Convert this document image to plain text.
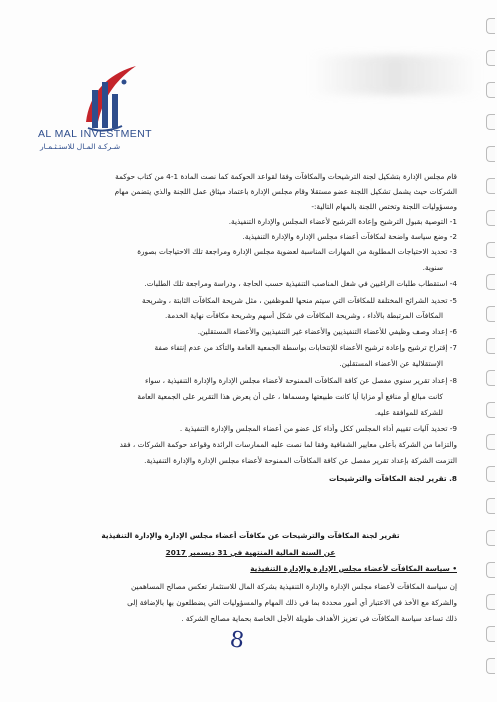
AL MAL INVESTMENT
شـركـة المـال للاستـثـمـار
قام مجلس الإدارة بتشكيل لجنة الترشيحات والمكافآت وفقا لقواعد الحوكمة كما نصت المادة 1-4 من كتاب حوكمة
الشركات حيث يشمل تشكيل اللجنة عضو مستقلا وقام مجلس الإدارة باعتماد ميثاق عمل اللجنة والذي يتضمن مهام
ومسؤوليات اللجنة وتختص اللجنة بالمهام التالية:-
1- التوصية بقبول الترشيح وإعادة الترشيح لأعضاء المجلس والإدارة التنفيذية.
2- وضع سياسة واضحة لمكافآت أعضاء مجلس الإدارة والإدارة التنفيذية.
3- تحديد الاحتياجات المطلوبة من المهارات المناسبة لعضوية مجلس الإدارة ومراجعة تلك الاحتياجات بصورة
سنوية.
4- استقطاب طلبات الراغبين في شغل المناصب التنفيذية حسب الحاجة ، ودراسة ومراجعة تلك الطلبات.
5- تحديد الشرائح المختلفة للمكافآت التي سيتم منحها للموظفين ، مثل شريحة المكافآت الثابتة ، وشريحة
المكافآت المرتبطة بالأداء ، وشريحة المكافآت في شكل أسهم وشريحة مكافآت نهاية الخدمة.
6- إعداد وصف وظيفي للأعضاء التنفيذيين والأعضاء غير التنفيذيين والأعضاء المستقلين.
7- إقتراح ترشيح وإعادة ترشيح الأعضاء للإنتخابات بواسطة الجمعية العامة والتأكد من عدم إنتفاء صفة
الإستقلالية عن الأعضاء المستقلين.
8- إعداد تقرير سنوي مفصل عن كافة المكافآت الممنوحة لأعضاء مجلس الإدارة والإدارة التنفيذية ، سواء
كانت مبالغ أو منافع أو مزايا أيا كانت طبيعتها ومسماها ، على أن يعرض هذا التقرير على الجمعية العامة
للشركة للموافقة عليه.
9- تحديد آليات تقييم أداء المجلس ككل وأداء كل عضو من أعضاء المجلس والإدارة التنفيذية .
والتزاما من الشركة بأعلى معايير الشفافية وفقا لما نصت عليه الممارسات الرائدة وقواعد حوكمة الشركات ، فقد
التزمت الشركة بإعداد تقرير مفصل عن كافة المكافآت الممنوحة لأعضاء مجلس الإدارة والإدارة التنفيذية.
8. تقرير لجنة المكافآت والترشيحات
تقرير لجنة المكافآت والترشيحات عن مكافآت أعضاء مجلس الإدارة والإدارة التنفيذية
عن السنة المالية المنتهية في 31 ديسمبر 2017
• سياسة المكافآت لأعضاء مجلس الإدارة والإدارة التنفيذية
إن سياسة المكافآت لأعضاء مجلس الإدارة والإدارة التنفيذية بشركة المال للاستثمار تعكس مصالح المساهمين
والشركة مع الأخذ في الاعتبار أي أمور محددة بما في ذلك المهام والمسؤوليات التي يضطلعون بها بالإضافة إلى
ذلك تساعد سياسة المكافآت في تعزيز الأهداف طويلة الأجل الخاصة بحماية مصالح الشركة .
8
